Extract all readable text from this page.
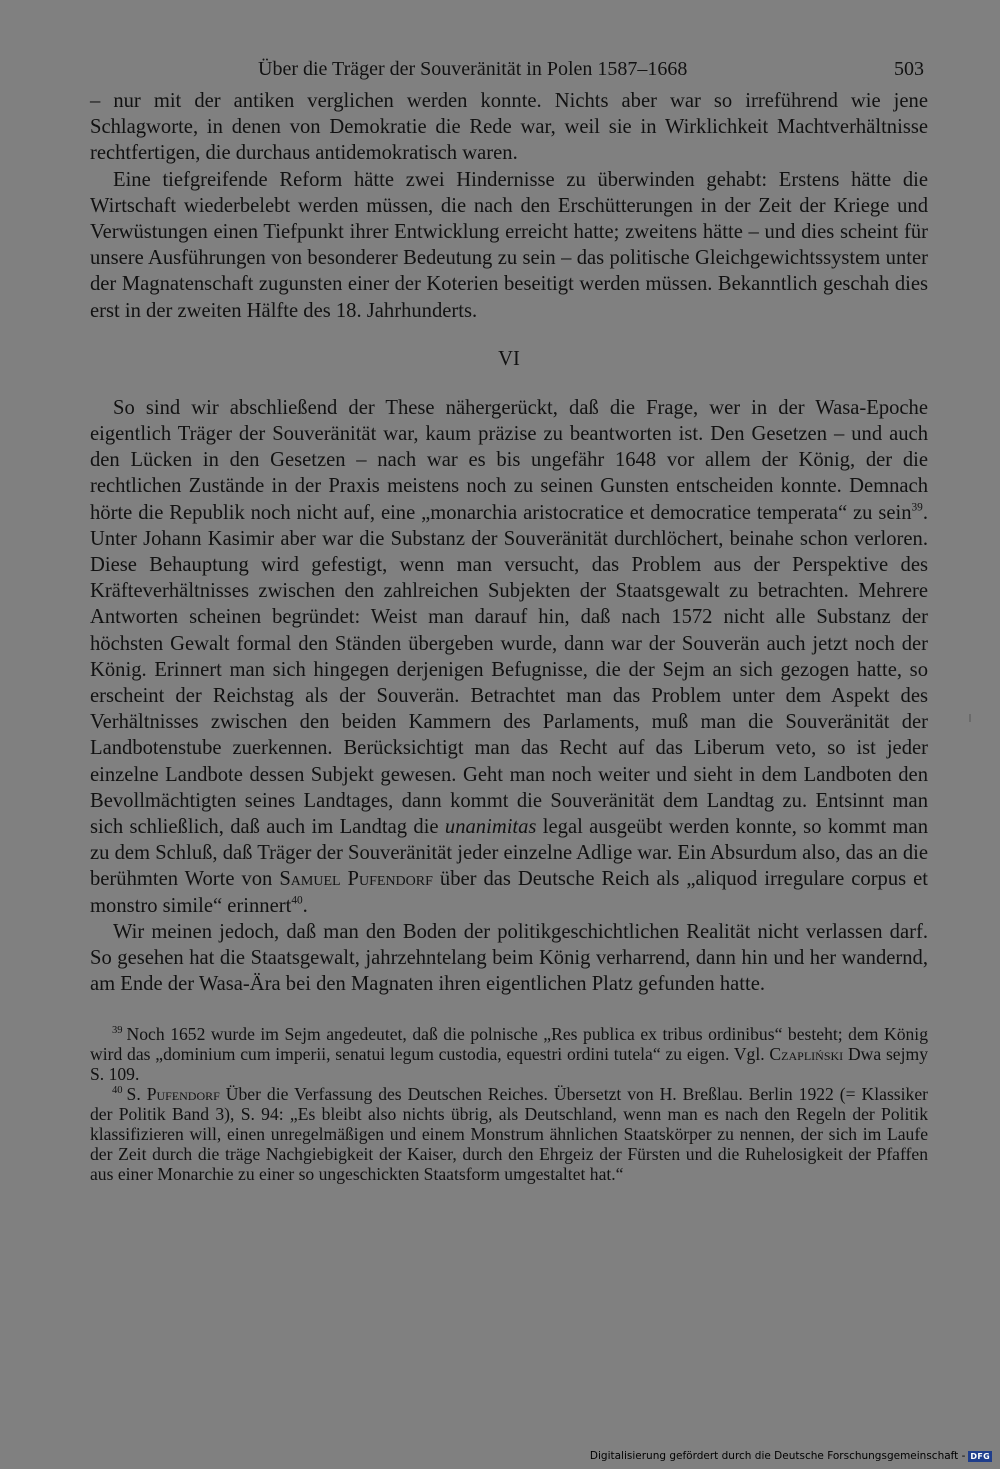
Über die Träger der Souveränität in Polen 1587–1668	503

– nur mit der antiken verglichen werden konnte. Nichts aber war so irreführend wie jene Schlagworte, in denen von Demokratie die Rede war, weil sie in Wirklichkeit Machtverhältnisse rechtfertigen, die durchaus antidemokratisch waren.

Eine tiefgreifende Reform hätte zwei Hindernisse zu überwinden gehabt: Erstens hätte die Wirtschaft wiederbelebt werden müssen, die nach den Erschütterungen in der Zeit der Kriege und Verwüstungen einen Tiefpunkt ihrer Entwicklung erreicht hatte; zweitens hätte – und dies scheint für unsere Ausführungen von besonderer Bedeutung zu sein – das politische Gleichgewichtssystem unter der Magnatenschaft zugunsten einer der Koterien beseitigt werden müssen. Bekanntlich geschah dies erst in der zweiten Hälfte des 18. Jahrhunderts.

VI

So sind wir abschließend der These nähergerückt, daß die Frage, wer in der Wasa-Epoche eigentlich Träger der Souveränität war, kaum präzise zu beantworten ist. Den Gesetzen – und auch den Lücken in den Gesetzen – nach war es bis ungefähr 1648 vor allem der König, der die rechtlichen Zustände in der Praxis meistens noch zu seinen Gunsten entscheiden konnte. Demnach hörte die Republik noch nicht auf, eine „monarchia aristocratice et democratice temperata“ zu sein$^{39}$. Unter Johann Kasimir aber war die Substanz der Souveränität durchlöchert, beinahe schon verloren. Diese Behauptung wird gefestigt, wenn man versucht, das Problem aus der Perspektive des Kräfteverhältnisses zwischen den zahlreichen Subjekten der Staatsgewalt zu betrachten. Mehrere Antworten scheinen begründet: Weist man darauf hin, daß nach 1572 nicht alle Substanz der höchsten Gewalt formal den Ständen übergeben wurde, dann war der Souverän auch jetzt noch der König. Erinnert man sich hingegen derjenigen Befugnisse, die der Sejm an sich gezogen hatte, so erscheint der Reichstag als der Souverän. Betrachtet man das Problem unter dem Aspekt des Verhältnisses zwischen den beiden Kammern des Parlaments, muß man die Souveränität der Landbotenstube zuerkennen. Berücksichtigt man das Recht auf das Liberum veto, so ist jeder einzelne Landbote dessen Subjekt gewesen. Geht man noch weiter und sieht in dem Landboten den Bevollmächtigten seines Landtages, dann kommt die Souveränität dem Landtag zu. Entsinnt man sich schließlich, daß auch im Landtag die unanimitas legal ausgeübt werden konnte, so kommt man zu dem Schluß, daß Träger der Souveränität jeder einzelne Adlige war. Ein Absurdum also, das an die berühmten Worte von Samuel Pufendorf über das Deutsche Reich als „aliquod irregulare corpus et monstro simile“ erinnert$^{40}$.

Wir meinen jedoch, daß man den Boden der politikgeschichtlichen Realität nicht verlassen darf. So gesehen hat die Staatsgewalt, jahrzehntelang beim König verharrend, dann hin und her wandernd, am Ende der Wasa-Ära bei den Magnaten ihren eigentlichen Platz gefunden hatte.

$^{39}$ Noch 1652 wurde im Sejm angedeutet, daß die polnische „Res publica ex tribus ordinibus“ besteht; dem König wird das „dominium cum imperii, senatui legum custodia, equestri ordini tutela“ zu eigen. Vgl. Czapliński Dwa sejmy S. 109.

$^{40}$ S. Pufendorf Über die Verfassung des Deutschen Reiches. Übersetzt von H. Breßlau. Berlin 1922 (= Klassiker der Politik Band 3), S. 94: „Es bleibt also nichts übrig, als Deutschland, wenn man es nach den Regeln der Politik klassifizieren will, einen unregelmäßigen und einem Monstrum ähnlichen Staatskörper zu nennen, der sich im Laufe der Zeit durch die träge Nachgiebigkeit der Kaiser, durch den Ehrgeiz der Fürsten und die Ruhelosigkeit der Pfaffen aus einer Monarchie zu einer so ungeschickten Staatsform umgestaltet hat.“

Digitalisierung gefördert durch die Deutsche Forschungsgemeinschaft - DFG
